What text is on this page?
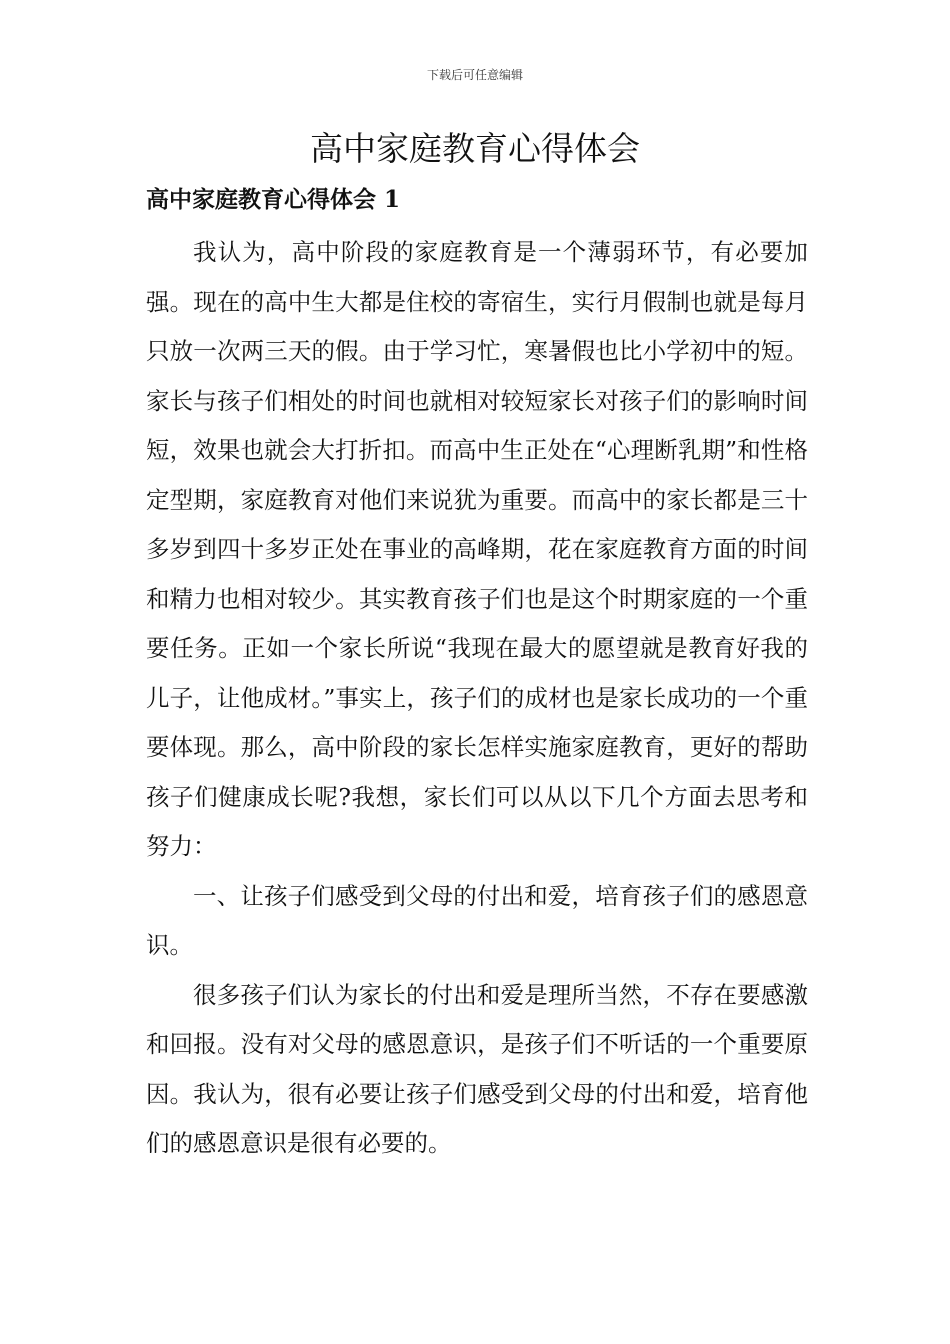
下载后可任意编辑
高中家庭教育心得体会
高中家庭教育心得体会 1

我认为，高中阶段的家庭教育是一个薄弱环节，有必要加强。现在的高中生大都是住校的寄宿生，实行月假制也就是每月只放一次两三天的假。由于学习忙，寒暑假也比小学初中的短。家长与孩子们相处的时间也就相对较短家长对孩子们的影响时间短，效果也就会大打折扣。而高中生正处在“心理断乳期”和性格定型期，家庭教育对他们来说犹为重要。而高中的家长都是三十多岁到四十多岁正处在事业的高峰期，花在家庭教育方面的时间和精力也相对较少。其实教育孩子们也是这个时期家庭的一个重要任务。正如一个家长所说“我现在最大的愿望就是教育好我的儿子，让他成材。”事实上，孩子们的成材也是家长成功的一个重要体现。那么，高中阶段的家长怎样实施家庭教育，更好的帮助孩子们健康成长呢?我想，家长们可以从以下几个方面去思考和努力：

一、让孩子们感受到父母的付出和爱，培育孩子们的感恩意识。

很多孩子们认为家长的付出和爱是理所当然，不存在要感激和回报。没有对父母的感恩意识，是孩子们不听话的一个重要原因。我认为，很有必要让孩子们感受到父母的付出和爱，培育他们的感恩意识是很有必要的。
